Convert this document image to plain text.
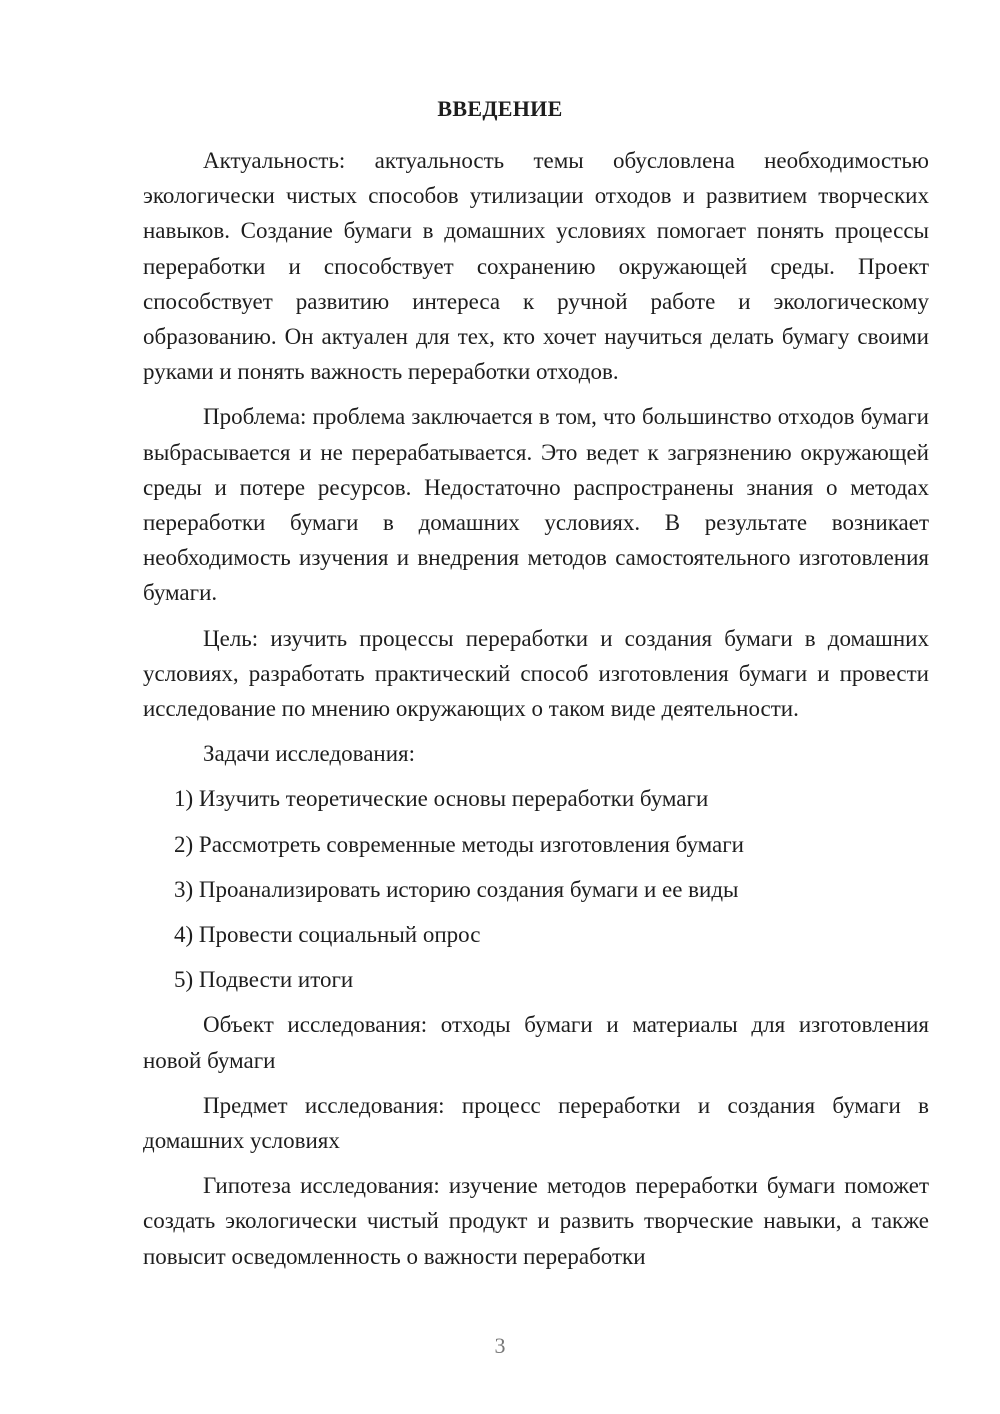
ВВЕДЕНИЕ

Актуальность: актуальность темы обусловлена необходимостью экологически чистых способов утилизации отходов и развитием творческих навыков. Создание бумаги в домашних условиях помогает понять процессы переработки и способствует сохранению окружающей среды. Проект способствует развитию интереса к ручной работе и экологическому образованию. Он актуален для тех, кто хочет научиться делать бумагу своими руками и понять важность переработки отходов.

Проблема: проблема заключается в том, что большинство отходов бумаги выбрасывается и не перерабатывается. Это ведет к загрязнению окружающей среды и потере ресурсов. Недостаточно распространены знания о методах переработки бумаги в домашних условиях. В результате возникает необходимость изучения и внедрения методов самостоятельного изготовления бумаги.

Цель: изучить процессы переработки и создания бумаги в домашних условиях, разработать практический способ изготовления бумаги и провести исследование по мнению окружающих о таком виде деятельности.

Задачи исследования:

1) Изучить теоретические основы переработки бумаги
2) Рассмотреть современные методы изготовления бумаги
3) Проанализировать историю создания бумаги и ее виды
4) Провести социальный опрос
5) Подвести итоги

Объект исследования: отходы бумаги и материалы для изготовления новой бумаги

Предмет исследования: процесс переработки и создания бумаги в домашних условиях

Гипотеза исследования: изучение методов переработки бумаги поможет создать экологически чистый продукт и развить творческие навыки, а также повысит осведомленность о важности переработки

3
